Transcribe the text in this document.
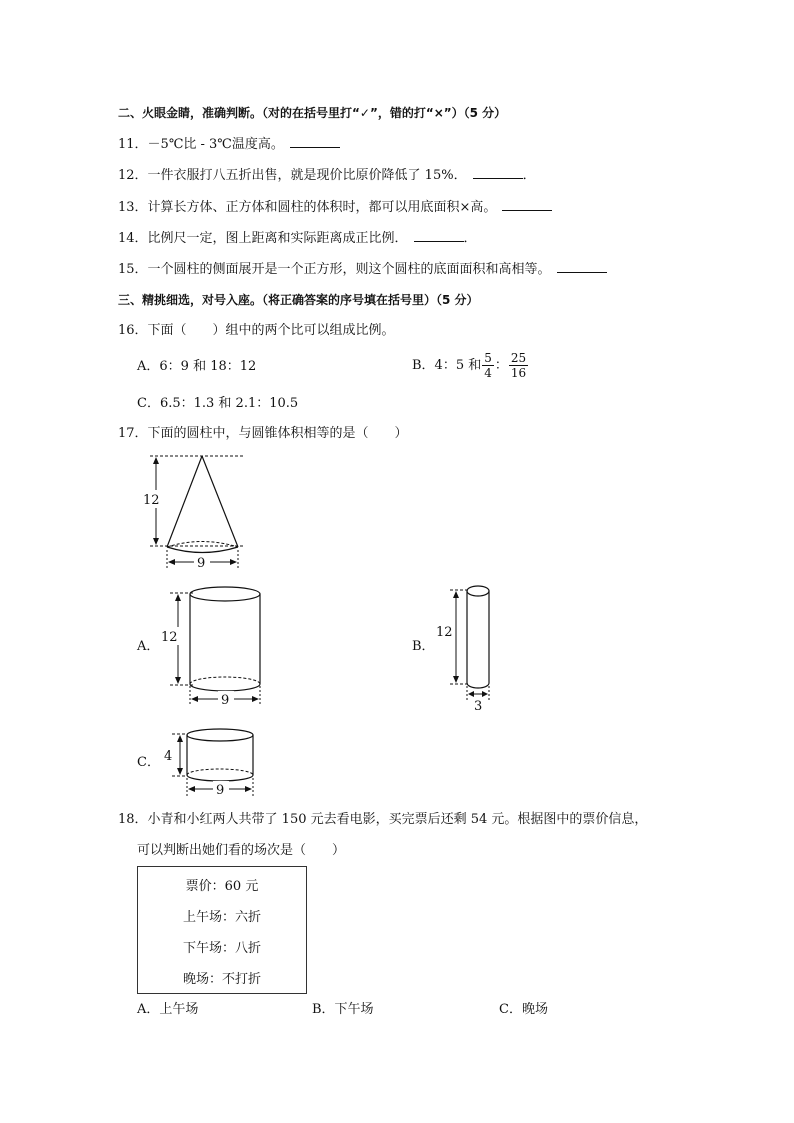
二、火眼金睛，准确判断。（对的在括号里打“✓”，错的打“×”）（5 分）
11．－5℃比 - 3℃温度高。
12．一件衣服打八五折出售，就是现价比原价降低了 15%．	．
13．计算长方体、正方体和圆柱的体积时，都可以用底面积×高。
14．比例尺一定，图上距离和实际距离成正比例．	．
15．一个圆柱的侧面展开是一个正方形，则这个圆柱的底面面积和高相等。
三、精挑细选，对号入座。（将正确答案的序号填在括号里）（5 分）
16．下面（　　）组中的两个比可以组成比例。
A．6：9 和 18：12	B．4：5 和 $\frac{5}{4}$ ： $\frac{25}{16}$
C．6.5：1.3 和 2.1：10.5
17．下面的圆柱中，与圆锥体积相等的是（　　）
12
9
A．
12
9
B．
12
3
C． 4
9
18．小青和小红两人共带了 150 元去看电影，买完票后还剩 54 元。根据图中的票价信息，
可以判断出她们看的场次是（　　）
票价：60 元
上午场：六折
下午场：八折
晚场：不打折
A．上午场	B．下午场	C．晚场
